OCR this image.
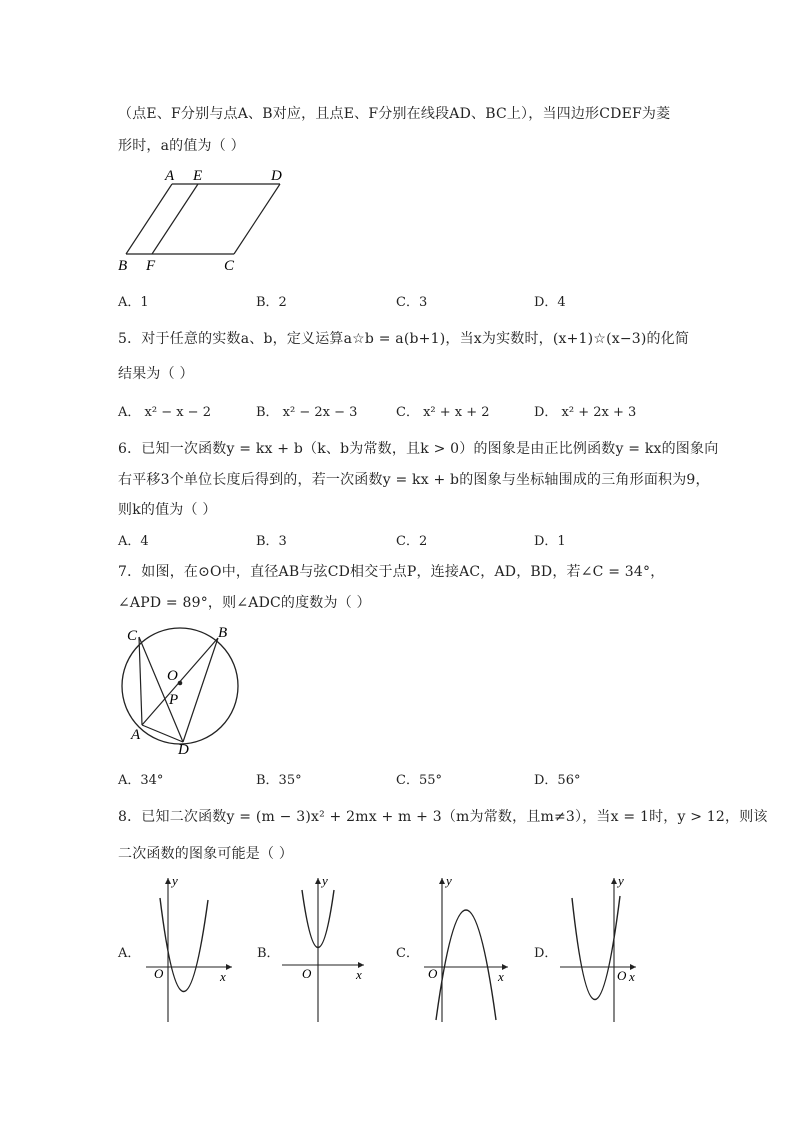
（点E、F分别与点A、B对应，且点E、F分别在线段AD、BC上），当四边形CDEF为菱
形时，a的值为（ ）
A E	D
B F	C
A．1	B．2	C．3	D．4
5．对于任意的实数a、b，定义运算a☆b = a(b+1)，当x为实数时，(x+1)☆(x−3)的化简
结果为（ ）
A． x² − x − 2	B． x² − 2x − 3	C． x² + x + 2	D． x² + 2x + 3
6．已知一次函数y = kx + b（k、b为常数，且k > 0）的图象是由正比例函数y = kx的图象向
右平移3个单位长度后得到的，若一次函数y = kx + b的图象与坐标轴围成的三角形面积为9，
则k的值为（ ）
A．4	B．3	C．2	D．1
7．如图，在⊙O中，直径AB与弦CD相交于点P，连接AC，AD，BD，若∠C = 34°，
∠APD = 89°，则∠ADC的度数为（ ）
C	B
O
P
A
D
A．34°	B．35°	C．55°	D．56°
8．已知二次函数y = (m − 3)x² + 2mx + m + 3（m为常数，且m≠3），当x = 1时，y > 12，则该
二次函数的图象可能是（ ）
A．
y
x
O
B．
y
x
O
C．
y
x
O
D．
y
x
O
